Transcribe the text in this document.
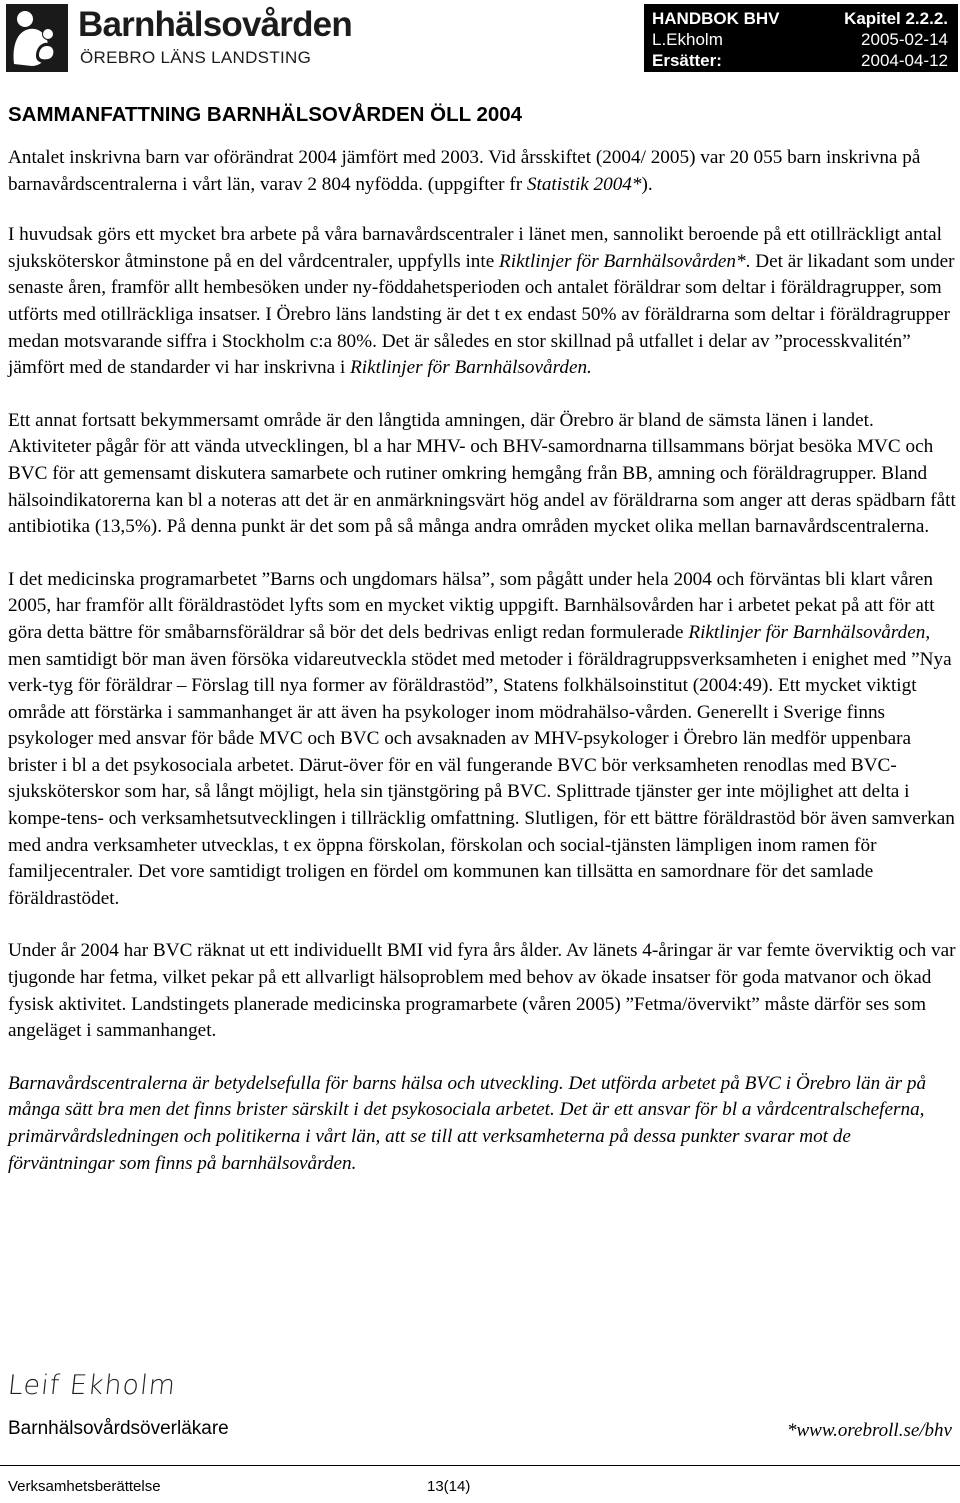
Barnhälsovården
ÖREBRO LÄNS LANDSTING
HANDBOK BHV	Kapitel 2.2.2.
L.Ekholm	2005-02-14
Ersätter:	2004-04-12
SAMMANFATTNING BARNHÄLSOVÅRDEN ÖLL 2004

Antalet inskrivna barn var oförändrat 2004 jämfört med 2003. Vid årsskiftet (2004/ 2005) var 20 055 barn inskrivna på barnavårdscentralerna i vårt län, varav 2 804 nyfödda. (uppgifter fr Statistik 2004*).

I huvudsak görs ett mycket bra arbete på våra barnavårdscentraler i länet men, sannolikt beroende på ett otillräckligt antal sjuksköterskor åtminstone på en del vårdcentraler, uppfylls inte Riktlinjer för Barnhälsovården*. Det är likadant som under senaste åren, framför allt hembesöken under ny-föddahetsperioden och antalet föräldrar som deltar i föräldragrupper, som utförts med otillräckliga insatser. I Örebro läns landsting är det t ex endast 50% av föräldrarna som deltar i föräldragrupper medan motsvarande siffra i Stockholm c:a 80%. Det är således en stor skillnad på utfallet i delar av ”processkvalitén” jämfört med de standarder vi har inskrivna i Riktlinjer för Barnhälsovården.

Ett annat fortsatt bekymmersamt område är den långtida amningen, där Örebro är bland de sämsta länen i landet. Aktiviteter pågår för att vända utvecklingen, bl a har MHV- och BHV-samordnarna tillsammans börjat besöka MVC och BVC för att gemensamt diskutera samarbete och rutiner omkring hemgång från BB, amning och föräldragrupper. Bland hälsoindikatorerna kan bl a noteras att det är en anmärkningsvärt hög andel av föräldrarna som anger att deras spädbarn fått antibiotika (13,5%). På denna punkt är det som på så många andra områden mycket olika mellan barnavårdscentralerna.

I det medicinska programarbetet ”Barns och ungdomars hälsa”, som pågått under hela 2004 och förväntas bli klart våren 2005, har framför allt föräldrastödet lyfts som en mycket viktig uppgift. Barnhälsovården har i arbetet pekat på att för att göra detta bättre för småbarnsföräldrar så bör det dels bedrivas enligt redan formulerade Riktlinjer för Barnhälsovården, men samtidigt bör man även försöka vidareutveckla stödet med metoder i föräldragruppsverksamheten i enighet med ”Nya verk-tyg för föräldrar – Förslag till nya former av föräldrastöd”, Statens folkhälsoinstitut (2004:49). Ett mycket viktigt område att förstärka i sammanhanget är att även ha psykologer inom mödrahälso-vården. Generellt i Sverige finns psykologer med ansvar för både MVC och BVC och avsaknaden av MHV-psykologer i Örebro län medför uppenbara brister i bl a det psykosociala arbetet. Därut-över för en väl fungerande BVC bör verksamheten renodlas med BVC-sjuksköterskor som har, så långt möjligt, hela sin tjänstgöring på BVC. Splittrade tjänster ger inte möjlighet att delta i kompe-tens- och verksamhetsutvecklingen i tillräcklig omfattning. Slutligen, för ett bättre föräldrastöd bör även samverkan med andra verksamheter utvecklas, t ex öppna förskolan, förskolan och social-tjänsten lämpligen inom ramen för familjecentraler. Det vore samtidigt troligen en fördel om kommunen kan tillsätta en samordnare för det samlade föräldrastödet.

Under år 2004 har BVC räknat ut ett individuellt BMI vid fyra års ålder. Av länets 4-åringar är var femte överviktig och var tjugonde har fetma, vilket pekar på ett allvarligt hälsoproblem med behov av ökade insatser för goda matvanor och ökad fysisk aktivitet. Landstingets planerade medicinska programarbete (våren 2005) ”Fetma/övervikt” måste därför ses som angeläget i sammanhanget.

Barnavårdscentralerna är betydelsefulla för barns hälsa och utveckling. Det utförda arbetet på BVC i Örebro län är på många sätt bra men det finns brister särskilt i det psykosociala arbetet. Det är ett ansvar för bl a vårdcentralscheferna, primärvårdsledningen och politikerna i vårt län, att se till att verksamheterna på dessa punkter svarar mot de förväntningar som finns på barnhälsovården.

Leif Ekholm
Barnhälsovårdsöverläkare	*www.orebroll.se/bhv
Verksamhetsberättelse	13(14)
